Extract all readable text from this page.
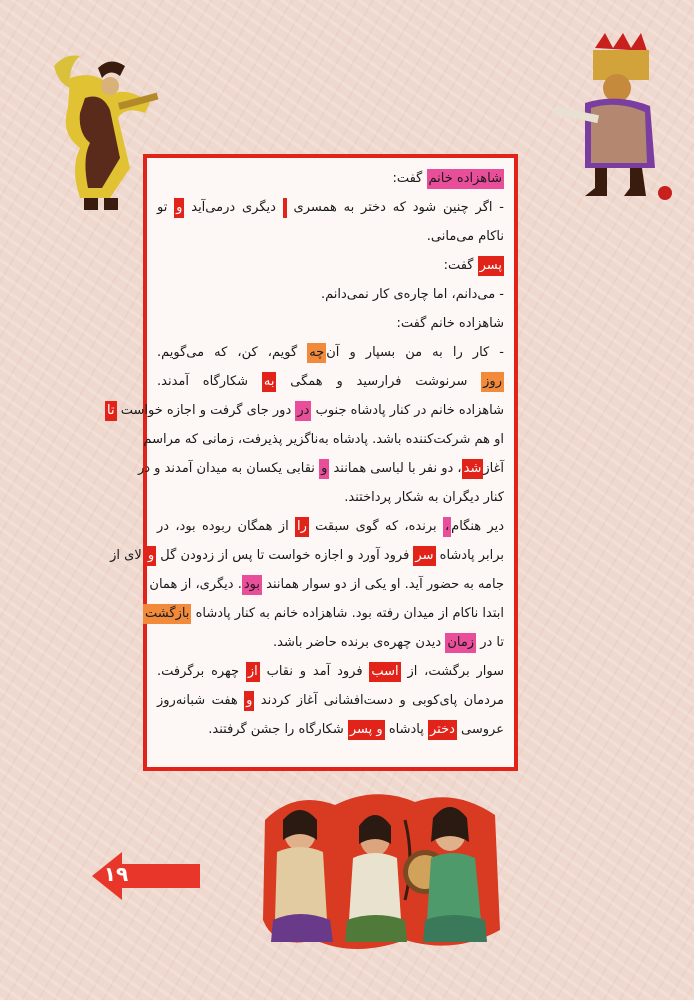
شاهزاده خانم گفت:
- اگر چنین شود که دختر به همسری  دیگری درمی‌آید و تو
ناکام می‌مانی.
پسر گفت:
- می‌دانم، اما چاره‌ی کار نمی‌دانم.
شاهزاده خانم گفت:
- کار را به من بسپار و آنچه گویم، کن، که می‌گویم.
روز سرنوشت فرارسید و همگی به شکارگاه آمدند.
شاهزاده خانم در کنار پادشاه جنوب در دور جای گرفت و اجازه خواست تا
او هم شرکت‌کننده باشد. پادشاه به‌ناگزیر پذیرفت، زمانی که مراسم
آغازشد، دو نفر با لباسی همانند و نقابی یکسان به میدان آمدند و در
کنار دیگران به شکار پرداختند.
دیر هنگام، برنده، که گوی سبقت را از همگان ربوده بود، در
برابر پادشاه سر فرود آورد و اجازه خواست تا پس از زدودن گل و لای از
جامه به حضور آید. او یکی از دو سوار همانند بود. دیگری، از همان
ابتدا ناکام از میدان رفته بود. شاهزاده خانم به کنار پادشاه بازگشت
تا در زمان دیدن چهره‌ی برنده حاضر باشد.
سوار برگشت، از اسب فرود آمد و نقاب از چهره برگرفت.
مردمان پای‌کوبی و دست‌افشانی آغاز کردند و هفت شبانه‌روز
عروسی دختر پادشاه و پسر شکارگاه را جشن گرفتند.
۱۹
